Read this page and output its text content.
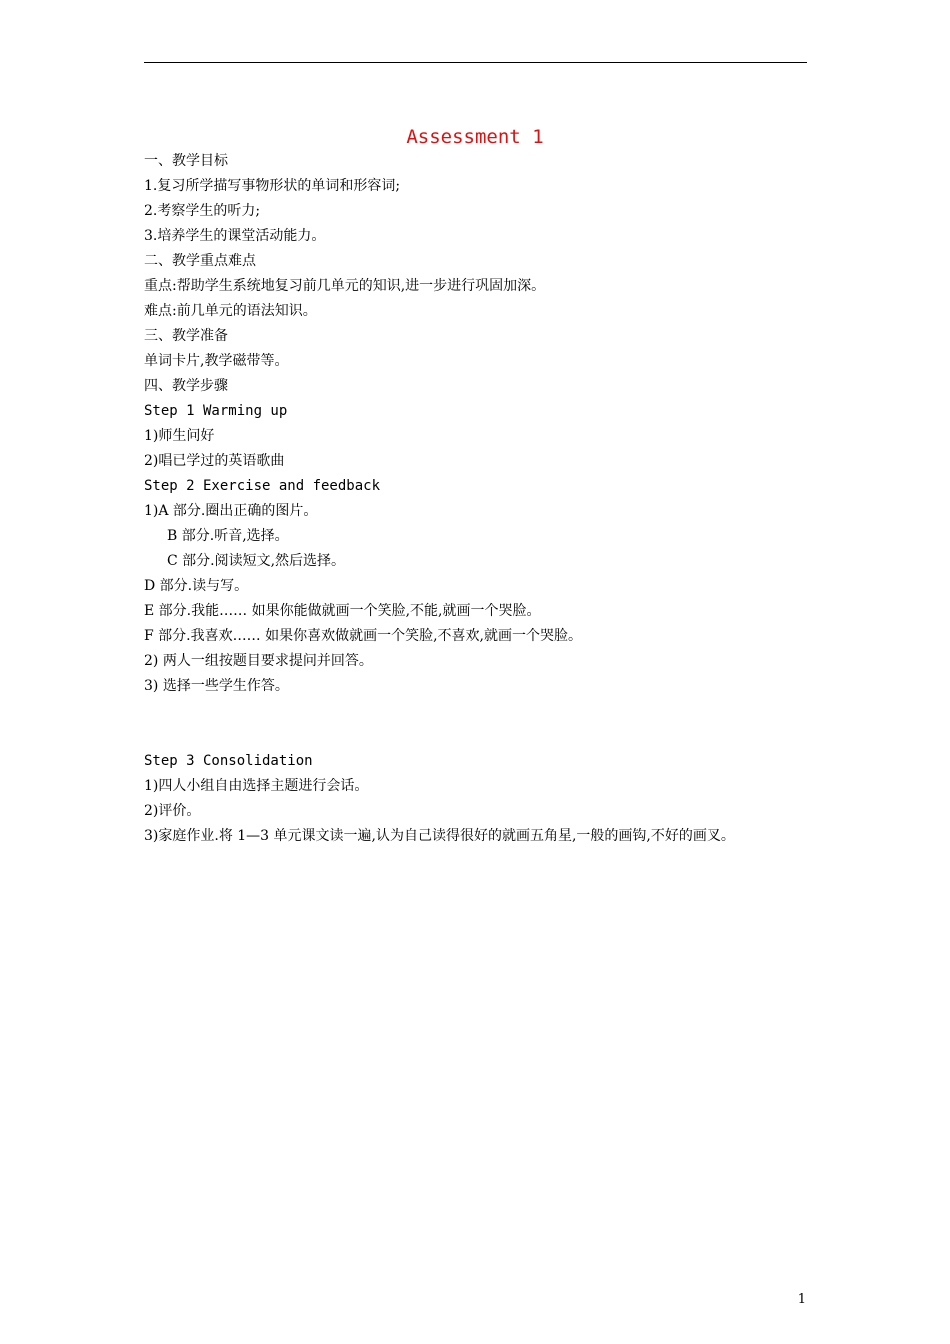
Assessment 1
一、教学目标
1.复习所学描写事物形状的单词和形容词;
2.考察学生的听力;
3.培养学生的课堂活动能力。
二、教学重点难点
重点:帮助学生系统地复习前几单元的知识,进一步进行巩固加深。
难点:前几单元的语法知识。
三、教学准备
单词卡片,教学磁带等。
四、教学步骤
Step 1 Warming up
1)师生问好
2)唱已学过的英语歌曲
Step 2 Exercise and feedback
1)A 部分.圈出正确的图片。
B 部分.听音,选择。
C 部分.阅读短文,然后选择。
D 部分.读与写。
E 部分.我能…… 如果你能做就画一个笑脸,不能,就画一个哭脸。
F 部分.我喜欢…… 如果你喜欢做就画一个笑脸,不喜欢,就画一个哭脸。
2) 两人一组按题目要求提问并回答。
3) 选择一些学生作答。
Step 3 Consolidation
1)四人小组自由选择主题进行会话。
2)评价。
3)家庭作业.将 1—3 单元课文读一遍,认为自己读得很好的就画五角星,一般的画钩,不好的画叉。
1
